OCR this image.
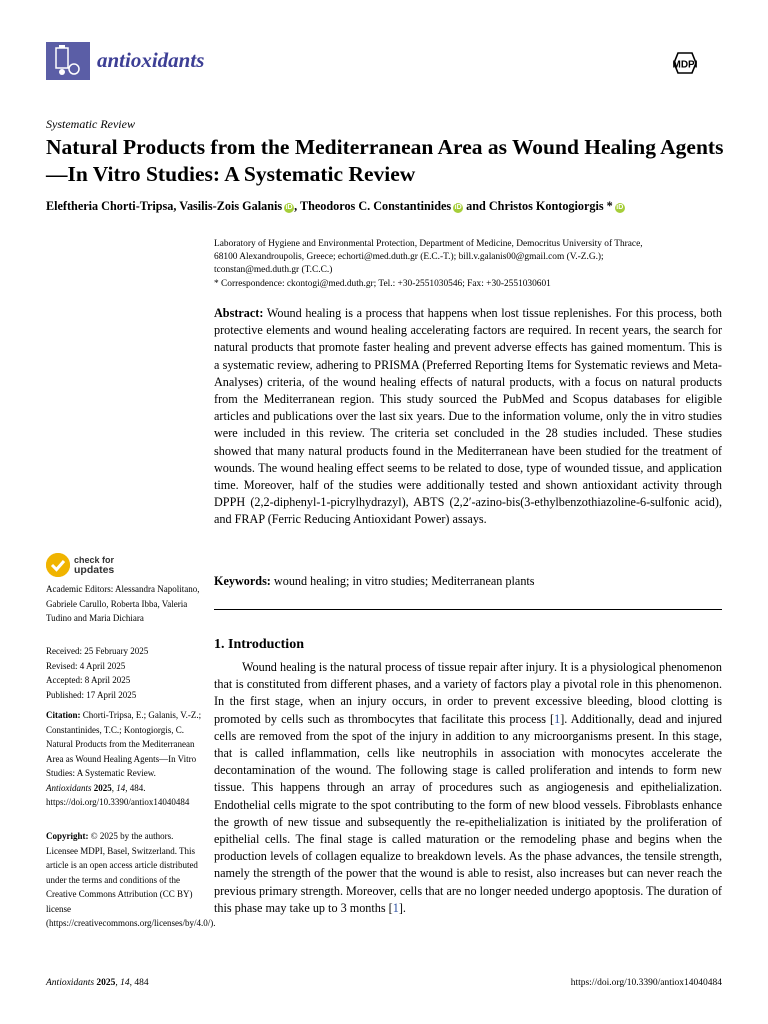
antioxidants	MDPI
Systematic Review
Natural Products from the Mediterranean Area as Wound Healing Agents—In Vitro Studies: A Systematic Review
Eleftheria Chorti-Tripsa, Vasilis-Zois Galanis iD , Theodoros C. Constantinides iD and Christos Kontogiorgis * iD

Laboratory of Hygiene and Environmental Protection, Department of Medicine, Democritus University of Thrace,

68100 Alexandroupolis, Greece; echorti@med.duth.gr (E.C.-T.); bill.v.galanis00@gmail.com (V.-Z.G.);

tconstan@med.duth.gr (T.C.C.)

* Correspondence: ckontogi@med.duth.gr; Tel.: +30-2551030546; Fax: +30-2551030601

Abstract: Wound healing is a process that happens when lost tissue replenishes. For this process, both protective elements and wound healing accelerating factors are required. In recent years, the search for natural products that promote faster healing and prevent adverse effects has gained momentum. This is a systematic review, adhering to PRISMA (Preferred Reporting Items for Systematic reviews and Meta-Analyses) criteria, of the wound healing effects of natural products, with a focus on natural products from the Mediterranean region. This study sourced the PubMed and Scopus databases for eligible articles and publications over the last six years. Due to the information volume, only the in vitro studies were included in this review. The criteria set concluded in the 28 studies included. These studies showed that many natural products found in the Mediterranean have been studied for the treatment of wounds. The wound healing effect seems to be related to dose, type of wounded tissue, and application time. Moreover, half of the studies were additionally tested and shown antioxidant activity through DPPH (2,2-diphenyl-1-picrylhydrazyl), ABTS (2,2′-azino-bis(3-ethylbenzothiazoline-6-sulfonic acid), and FRAP (Ferric Reducing Antioxidant Power) assays.

Keywords: wound healing; in vitro studies; Mediterranean plants
1. Introduction

Wound healing is the natural process of tissue repair after injury. It is a physiological phenomenon that is constituted from different phases, and a variety of factors play a pivotal role in this phenomenon. In the first stage, when an injury occurs, in order to prevent excessive bleeding, blood clotting is promoted by cells such as thrombocytes that facilitate this process [1]. Additionally, dead and injured cells are removed from the spot of the injury in addition to any microorganisms present. In this stage, that is called inflammation, cells like neutrophils in association with monocytes accelerate the decontamination of the wound. The following stage is called proliferation and intends to form new tissue. This happens through an array of procedures such as angiogenesis and epithelialization. Endothelial cells migrate to the spot contributing to the form of new blood vessels. Fibroblasts enhance the growth of new tissue and subsequently the re-epithelialization is initiated by the proliferation of epithelial cells. The final stage is called maturation or the remodeling phase and begins when the production levels of collagen equalize to breakdown levels. As the phase advances, the tensile strength, namely the strength of the power that the wound is able to resist, also increases but can never reach the previous primary strength. Moreover, cells that are no longer needed undergo apoptosis. The duration of this phase may take up to 3 months [1].

check for
updates

Academic Editors: Alessandra Napolitano, Gabriele Carullo, Roberta Ibba, Valeria Tudino and Maria Dichiara

Received: 25 February 2025

Revised: 4 April 2025

Accepted: 8 April 2025

Published: 17 April 2025

Citation: Chorti-Tripsa, E.; Galanis, V.-Z.; Constantinides, T.C.; Kontogiorgis, C. Natural Products from the Mediterranean Area as Wound Healing Agents—In Vitro Studies: A Systematic Review. Antioxidants 2025, 14, 484. https://doi.org/10.3390/antiox14040484

Copyright: © 2025 by the authors. Licensee MDPI, Basel, Switzerland. This article is an open access article distributed under the terms and conditions of the Creative Commons Attribution (CC BY) license (https://creativecommons.org/licenses/by/4.0/).

Antioxidants 2025, 14, 484	https://doi.org/10.3390/antiox14040484
